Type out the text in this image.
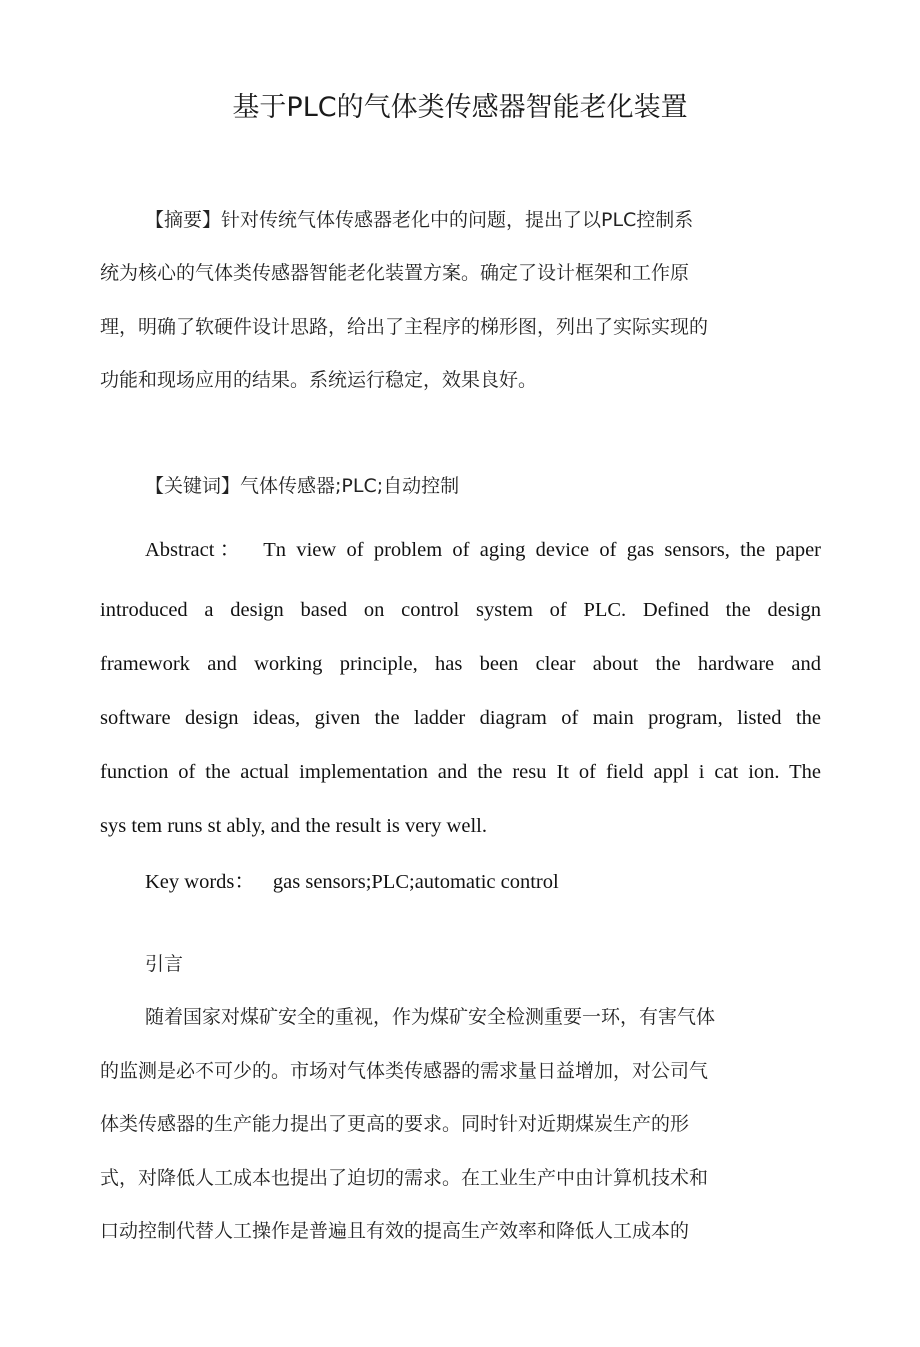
基于PLC的气体类传感器智能老化装置
【摘要】针对传统气体传感器老化中的问题，提出了以PLC控制系
统为核心的气体类传感器智能老化装置方案。确定了设计框架和工作原
理，明确了软硬件设计思路，给出了主程序的梯形图，列出了实际实现的
功能和现场应用的结果。系统运行稳定，效果良好。
【关键词】气体传感器;PLC;自动控制
Abstract： Tn view of problem of aging device of gas sensors, the paper
introduced a design based on control system of PLC. Defined the design
framework and working principle, has been clear about the hardware and
software design ideas, given the ladder diagram of main program, listed the
function of the actual implementation and the resu It of field appl i cat ion. The
sys tem runs st ably, and the result is very well.
Key words： gas sensors;PLC;automatic control
引言
随着国家对煤矿安全的重视，作为煤矿安全检测重要一环，有害气体
的监测是必不可少的。市场对气体类传感器的需求量日益增加，对公司气
体类传感器的生产能力提出了更高的要求。同时针对近期煤炭生产的形
式，对降低人工成本也提出了迫切的需求。在工业生产中由计算机技术和
口动控制代替人工操作是普遍且有效的提高生产效率和降低人工成本的
